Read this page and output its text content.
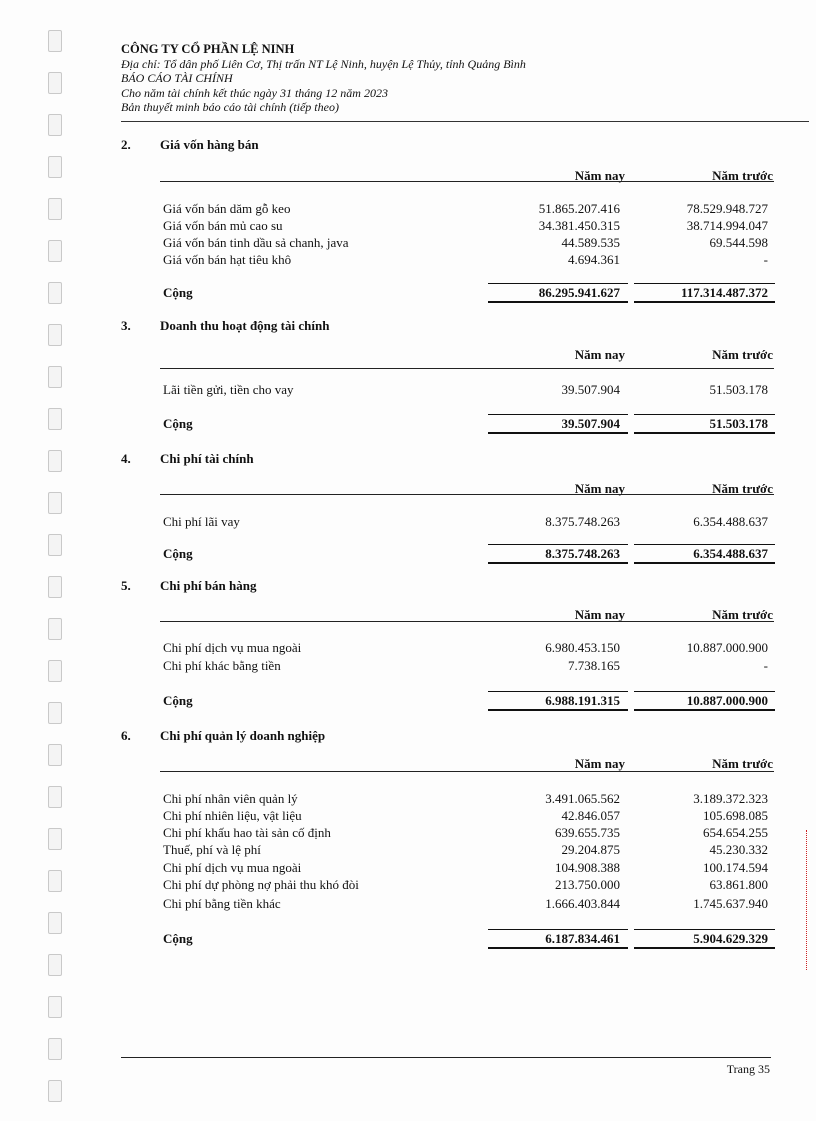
CÔNG TY CỔ PHẦN LỆ NINH
Địa chỉ: Tổ dân phố Liên Cơ, Thị trấn NT Lệ Ninh, huyện Lệ Thủy, tỉnh Quảng Bình
BÁO CÁO TÀI CHÍNH
Cho năm tài chính kết thúc ngày 31 tháng 12 năm 2023
Bản thuyết minh báo cáo tài chính (tiếp theo)
2. Giá vốn hàng bán
Năm nay	Năm trước
Giá vốn bán dăm gỗ keo	51.865.207.416	78.529.948.727
Giá vốn bán mủ cao su	34.381.450.315	38.714.994.047
Giá vốn bán tinh dầu sả chanh, java	44.589.535	69.544.598
Giá vốn bán hạt tiêu khô	4.694.361	-
Cộng	86.295.941.627	117.314.487.372
3. Doanh thu hoạt động tài chính
Năm nay	Năm trước
Lãi tiền gửi, tiền cho vay	39.507.904	51.503.178
Cộng	39.507.904	51.503.178
4. Chi phí tài chính
Năm nay	Năm trước
Chi phí lãi vay	8.375.748.263	6.354.488.637
Cộng	8.375.748.263	6.354.488.637
5. Chi phí bán hàng
Năm nay	Năm trước
Chi phí dịch vụ mua ngoài	6.980.453.150	10.887.000.900
Chi phí khác bằng tiền	7.738.165	-
Cộng	6.988.191.315	10.887.000.900
6. Chi phí quản lý doanh nghiệp
Năm nay	Năm trước
Chi phí nhân viên quản lý	3.491.065.562	3.189.372.323
Chi phí nhiên liệu, vật liệu	42.846.057	105.698.085
Chi phí khấu hao tài sản cố định	639.655.735	654.654.255
Thuế, phí và lệ phí	29.204.875	45.230.332
Chi phí dịch vụ mua ngoài	104.908.388	100.174.594
Chi phí dự phòng nợ phải thu khó đòi	213.750.000	63.861.800
Chi phí bằng tiền khác	1.666.403.844	1.745.637.940
Cộng	6.187.834.461	5.904.629.329
Trang 35
